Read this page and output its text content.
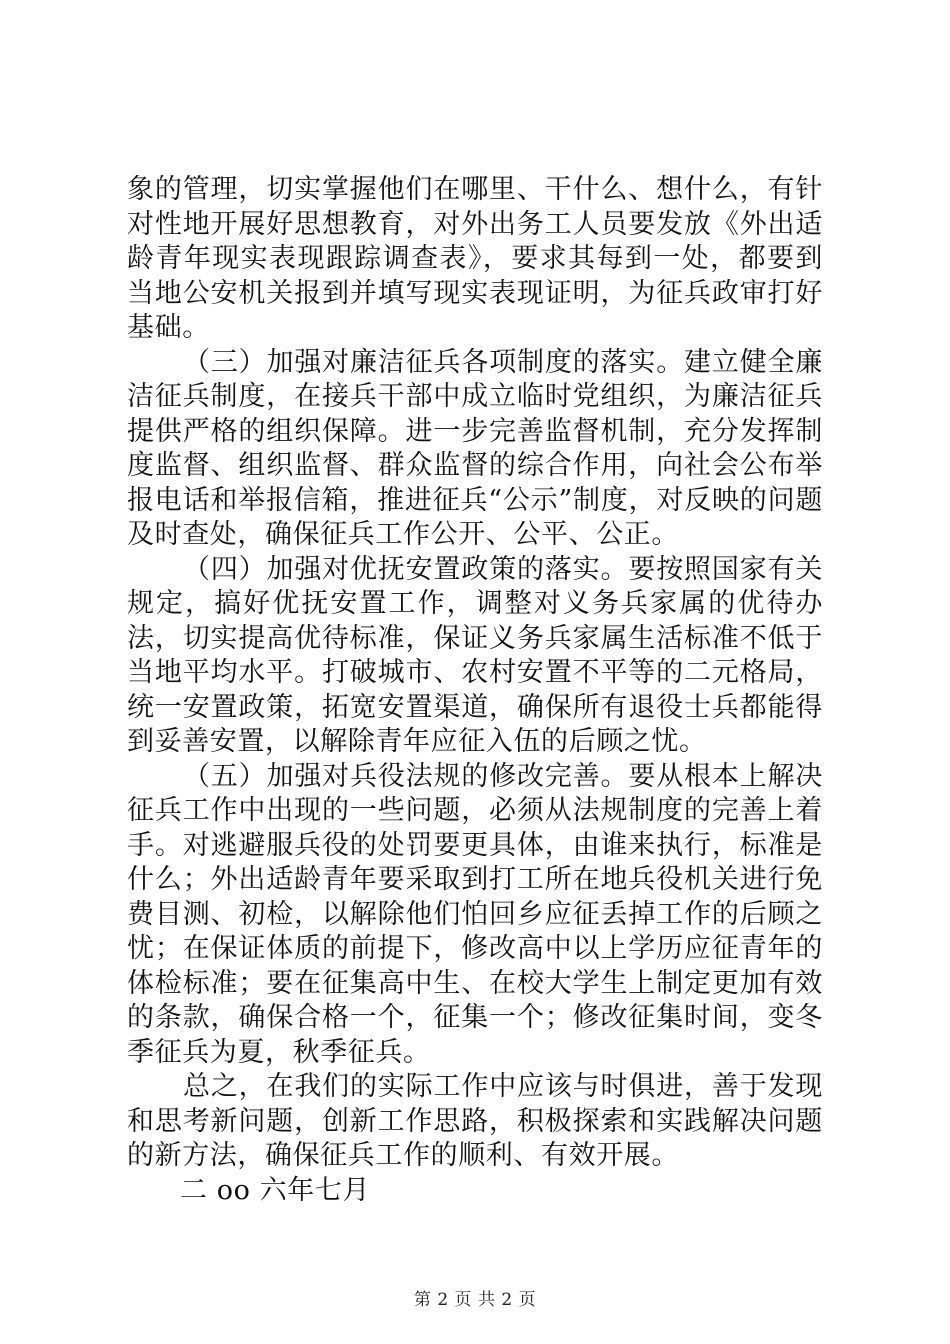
象的管理，切实掌握他们在哪里、干什么、想什么，有针对性地开展好思想教育，对外出务工人员要发放《外出适龄青年现实表现跟踪调查表》，要求其每到一处，都要到当地公安机关报到并填写现实表现证明，为征兵政审打好基础。

（三）加强对廉洁征兵各项制度的落实。建立健全廉洁征兵制度，在接兵干部中成立临时党组织，为廉洁征兵提供严格的组织保障。进一步完善监督机制，充分发挥制度监督、组织监督、群众监督的综合作用，向社会公布举报电话和举报信箱，推进征兵“公示”制度，对反映的问题及时查处，确保征兵工作公开、公平、公正。

（四）加强对优抚安置政策的落实。要按照国家有关规定，搞好优抚安置工作，调整对义务兵家属的优待办法，切实提高优待标准，保证义务兵家属生活标准不低于当地平均水平。打破城市、农村安置不平等的二元格局，统一安置政策，拓宽安置渠道，确保所有退役士兵都能得到妥善安置，以解除青年应征入伍的后顾之忧。

（五）加强对兵役法规的修改完善。要从根本上解决征兵工作中出现的一些问题，必须从法规制度的完善上着手。对逃避服兵役的处罚要更具体，由谁来执行，标准是什么；外出适龄青年要采取到打工所在地兵役机关进行免费目测、初检，以解除他们怕回乡应征丢掉工作的后顾之忧；在保证体质的前提下，修改高中以上学历应征青年的体检标准；要在征集高中生、在校大学生上制定更加有效的条款，确保合格一个，征集一个；修改征集时间，变冬季征兵为夏，秋季征兵。

总之，在我们的实际工作中应该与时俱进，善于发现和思考新问题，创新工作思路，积极探索和实践解决问题的新方法，确保征兵工作的顺利、有效开展。

二 oo 六年七月

第 2 页 共 2 页
